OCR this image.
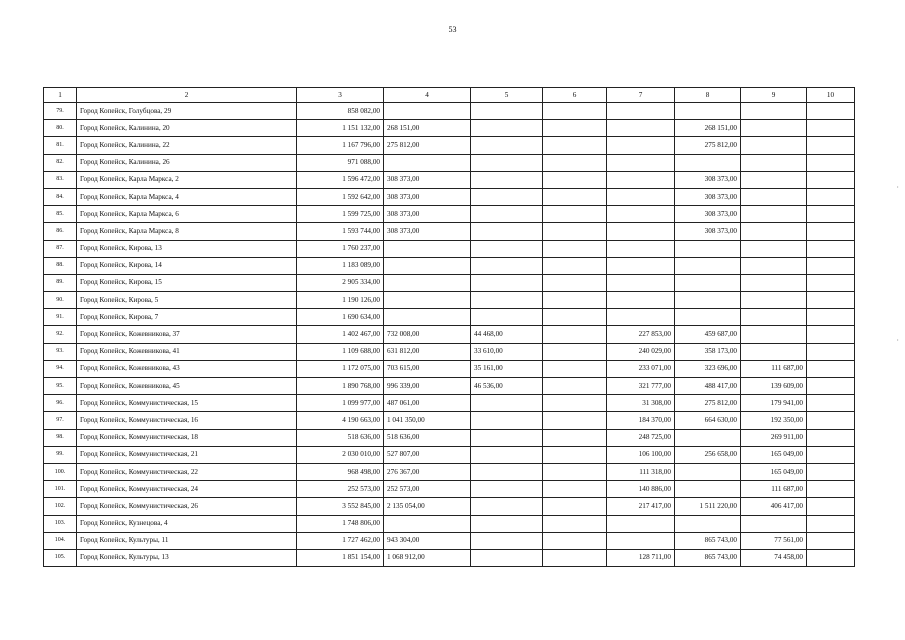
53
1	2	3	4	5	6	7	8	9	10
79.	Город Копейск, Голубцова, 29	858 082,00							
80.	Город Копейск, Калинина, 20	1 151 132,00	268 151,00				268 151,00		
81.	Город Копейск, Калинина, 22	1 167 796,00	275 812,00				275 812,00		
82.	Город Копейск, Калинина, 26	971 088,00							
83.	Город Копейск, Карла Маркса, 2	1 596 472,00	308 373,00				308 373,00		
84.	Город Копейск, Карла Маркса, 4	1 592 642,00	308 373,00				308 373,00		
85.	Город Копейск, Карла Маркса, 6	1 599 725,00	308 373,00				308 373,00		
86.	Город Копейск, Карла Маркса, 8	1 593 744,00	308 373,00				308 373,00		
87.	Город Копейск, Кирова, 13	1 760 237,00							
88.	Город Копейск, Кирова, 14	1 183 089,00							
89.	Город Копейск, Кирова, 15	2 905 334,00							
90.	Город Копейск, Кирова, 5	1 190 126,00							
91.	Город Копейск, Кирова, 7	1 690 634,00							
92.	Город Копейск, Кожевникова, 37	1 402 467,00	732 008,00	44 468,00		227 853,00	459 687,00		
93.	Город Копейск, Кожевникова, 41	1 109 688,00	631 812,00	33 610,00		240 029,00	358 173,00		
94.	Город Копейск, Кожевникова, 43	1 172 075,00	703 615,00	35 161,00		233 071,00	323 696,00	111 687,00	
95.	Город Копейск, Кожевникова, 45	1 890 768,00	996 339,00	46 536,00		321 777,00	488 417,00	139 609,00	
96.	Город Копейск, Коммунистическая, 15	1 099 977,00	487 061,00			31 308,00	275 812,00	179 941,00	
97.	Город Копейск, Коммунистическая, 16	4 190 663,00	1 041 350,00			184 370,00	664 630,00	192 350,00	
98.	Город Копейск, Коммунистическая, 18	518 636,00	518 636,00			248 725,00		269 911,00	
99.	Город Копейск, Коммунистическая, 21	2 030 010,00	527 807,00			106 100,00	256 658,00	165 049,00	
100.	Город Копейск, Коммунистическая, 22	968 498,00	276 367,00			111 318,00		165 049,00	
101.	Город Копейск, Коммунистическая, 24	252 573,00	252 573,00			140 886,00		111 687,00	
102.	Город Копейск, Коммунистическая, 26	3 552 845,00	2 135 054,00			217 417,00	1 511 220,00	406 417,00	
103.	Город Копейск, Кузнецова, 4	1 748 806,00							
104.	Город Копейск, Культуры, 11	1 727 462,00	943 304,00				865 743,00	77 561,00	
105.	Город Копейск, Культуры, 13	1 851 154,00	1 068 912,00			128 711,00	865 743,00	74 458,00	
·
·
